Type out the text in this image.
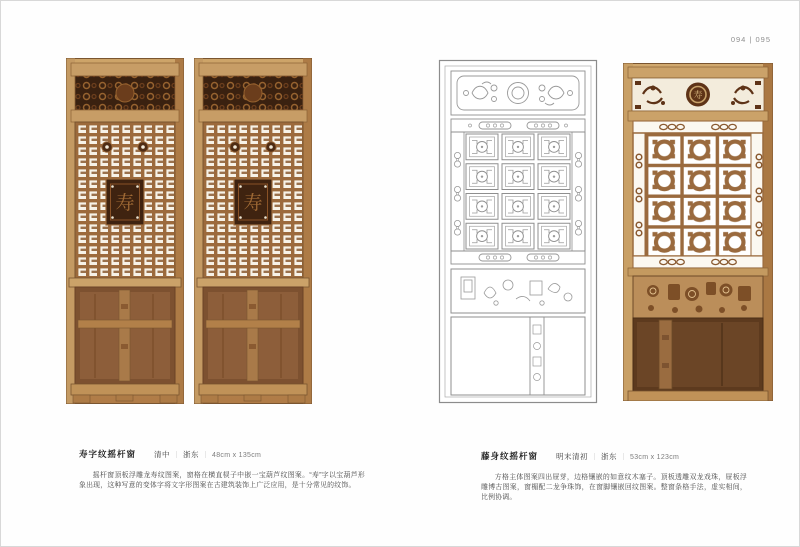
094 | 095
寿字纹摇杆窗 清中 ｜ 浙东 ｜ 48cm x 135cm

摇杆窗顶板浮雕龙寿纹图案，窗格在横直棂子中嵌一宝葫芦纹图案。“寿”字以宝葫芦形象出现，这种写意的变体字将文字形图案在古建筑装饰上广泛应用，是十分常见的纹饰。

藤身纹摇杆窗 明末清初 ｜ 浙东 ｜ 53cm x 123cm

方格主体图案四出屉芽，边格镶嵌的如意纹木塞子。顶板透雕双龙戏珠，屉板浮雕博古图案，窗楣配二龙争珠饰，在窗脚镶嵌回纹图案。整窗条格手法，虚实相间，比例协调。
